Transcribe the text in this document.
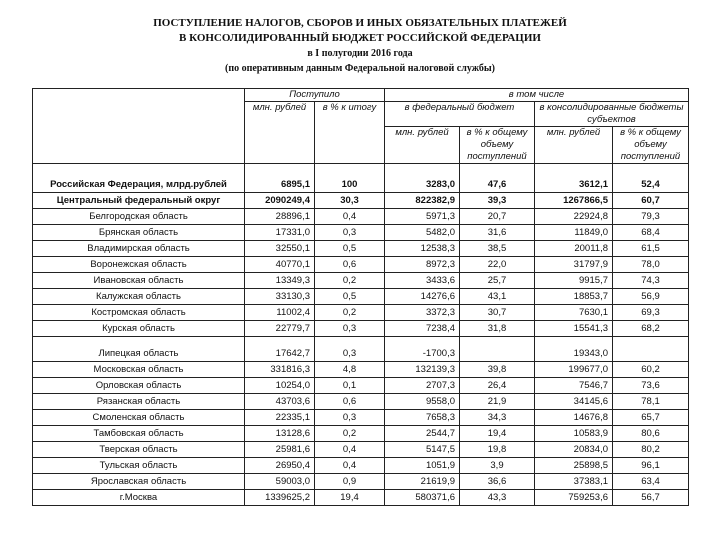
ПОСТУПЛЕНИЕ НАЛОГОВ, СБОРОВ И ИНЫХ ОБЯЗАТЕЛЬНЫХ ПЛАТЕЖЕЙ
В КОНСОЛИДИРОВАННЫЙ БЮДЖЕТ РОССИЙСКОЙ ФЕДЕРАЦИИ
в I полугодии 2016 года
(по оперативным данным Федеральной налоговой службы)
	Поступило		в том числе			
	млн. рублей	в % к итогу	в федеральный бюджет		в консолидированные бюджеты субъектов	
			млн. рублей	в % к общему объему поступлений	млн. рублей	в % к общему объему поступлений
Российская Федерация, млрд.рублей	6895,1	100	3283,0	47,6	3612,1	52,4
Центральный федеральный округ	2090249,4	30,3	822382,9	39,3	1267866,5	60,7
Белгородская область	28896,1	0,4	5971,3	20,7	22924,8	79,3
Брянская область	17331,0	0,3	5482,0	31,6	11849,0	68,4
Владимирская область	32550,1	0,5	12538,3	38,5	20011,8	61,5
Воронежская область	40770,1	0,6	8972,3	22,0	31797,9	78,0
Ивановская область	13349,3	0,2	3433,6	25,7	9915,7	74,3
Калужская область	33130,3	0,5	14276,6	43,1	18853,7	56,9
Костромская область	11002,4	0,2	3372,3	30,7	7630,1	69,3
Курская область	22779,7	0,3	7238,4	31,8	15541,3	68,2
Липецкая область	17642,7	0,3	-1700,3		19343,0	
Московская область	331816,3	4,8	132139,3	39,8	199677,0	60,2
Орловская область	10254,0	0,1	2707,3	26,4	7546,7	73,6
Рязанская область	43703,6	0,6	9558,0	21,9	34145,6	78,1
Смоленская область	22335,1	0,3	7658,3	34,3	14676,8	65,7
Тамбовская область	13128,6	0,2	2544,7	19,4	10583,9	80,6
Тверская область	25981,6	0,4	5147,5	19,8	20834,0	80,2
Тульская область	26950,4	0,4	1051,9	3,9	25898,5	96,1
Ярославская область	59003,0	0,9	21619,9	36,6	37383,1	63,4
г.Москва	1339625,2	19,4	580371,6	43,3	759253,6	56,7
